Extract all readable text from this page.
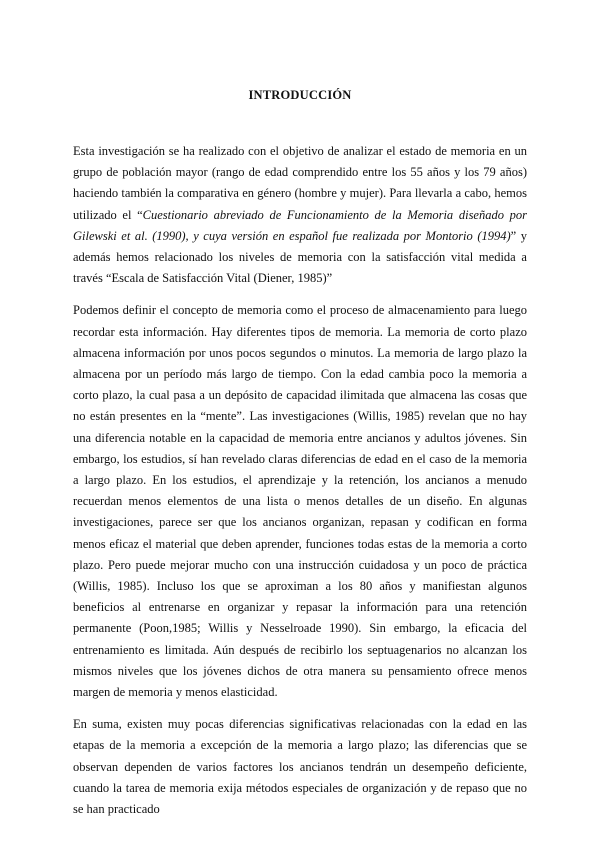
INTRODUCCIÓN

Esta investigación se ha realizado con el objetivo de analizar el estado de memoria en un grupo de población mayor (rango de edad comprendido entre los 55 años y los 79 años) haciendo también la comparativa en género (hombre y mujer). Para llevarla a cabo, hemos utilizado el “Cuestionario abreviado de Funcionamiento de la Memoria diseñado por Gilewski et al. (1990), y cuya versión en español fue realizada por Montorio (1994)” y además hemos relacionado los niveles de memoria con la satisfacción vital medida a través “Escala de Satisfacción Vital (Diener, 1985)”

Podemos definir el concepto de memoria como el proceso de almacenamiento para luego recordar esta información. Hay diferentes tipos de memoria. La memoria de corto plazo almacena información por unos pocos segundos o minutos. La memoria de largo plazo la almacena por un período más largo de tiempo. Con la edad cambia poco la memoria a corto plazo, la cual pasa a un depósito de capacidad ilimitada que almacena las cosas que no están presentes en la “mente”. Las investigaciones (Willis, 1985) revelan que no hay una diferencia notable en la capacidad de memoria entre ancianos y adultos jóvenes. Sin embargo, los estudios, sí han revelado claras diferencias de edad en el caso de la memoria a largo plazo. En los estudios, el aprendizaje y la retención, los ancianos a menudo recuerdan menos elementos de una lista o menos detalles de un diseño. En algunas investigaciones, parece ser que los ancianos organizan, repasan y codifican en forma menos eficaz el material que deben aprender, funciones todas estas de la memoria a corto plazo. Pero puede mejorar mucho con una instrucción cuidadosa y un poco de práctica (Willis, 1985). Incluso los que se aproximan a los 80 años y manifiestan algunos beneficios al entrenarse en organizar y repasar la información para una retención permanente (Poon,1985; Willis y Nesselroade 1990). Sin embargo, la eficacia del entrenamiento es limitada. Aún después de recibirlo los septuagenarios no alcanzan los mismos niveles que los jóvenes dichos de otra manera su pensamiento ofrece menos margen de memoria y menos elasticidad.

En suma, existen muy pocas diferencias significativas relacionadas con la edad en las etapas de la memoria a excepción de la memoria a largo plazo; las diferencias que se observan dependen de varios factores los ancianos tendrán un desempeño deficiente, cuando la tarea de memoria exija métodos especiales de organización y de repaso que no se han practicado
